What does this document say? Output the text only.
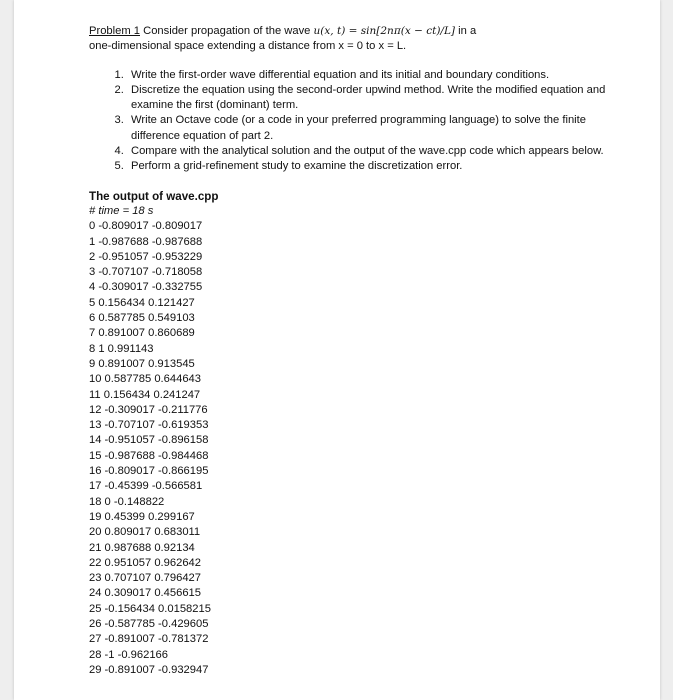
Problem 1 Consider propagation of the wave u(x, t) = sin[2nπ(x − ct)/L] in a
one-dimensional space extending a distance from x = 0 to x = L.
1. Write the first-order wave differential equation and its initial and boundary conditions.
2. Discretize the equation using the second-order upwind method. Write the modified equation and examine the first (dominant) term.
3. Write an Octave code (or a code in your preferred programming language) to solve the finite difference equation of part 2.
4. Compare with the analytical solution and the output of the wave.cpp code which appears below.
5. Perform a grid-refinement study to examine the discretization error.
The output of wave.cpp
# time = 18 s
0 -0.809017 -0.809017
1 -0.987688 -0.987688
2 -0.951057 -0.953229
3 -0.707107 -0.718058
4 -0.309017 -0.332755
5 0.156434 0.121427
6 0.587785 0.549103
7 0.891007 0.860689
8 1 0.991143
9 0.891007 0.913545
10 0.587785 0.644643
11 0.156434 0.241247
12 -0.309017 -0.211776
13 -0.707107 -0.619353
14 -0.951057 -0.896158
15 -0.987688 -0.984468
16 -0.809017 -0.866195
17 -0.45399 -0.566581
18 0 -0.148822
19 0.45399 0.299167
20 0.809017 0.683011
21 0.987688 0.92134
22 0.951057 0.962642
23 0.707107 0.796427
24 0.309017 0.456615
25 -0.156434 0.0158215
26 -0.587785 -0.429605
27 -0.891007 -0.781372
28 -1 -0.962166
29 -0.891007 -0.932947
